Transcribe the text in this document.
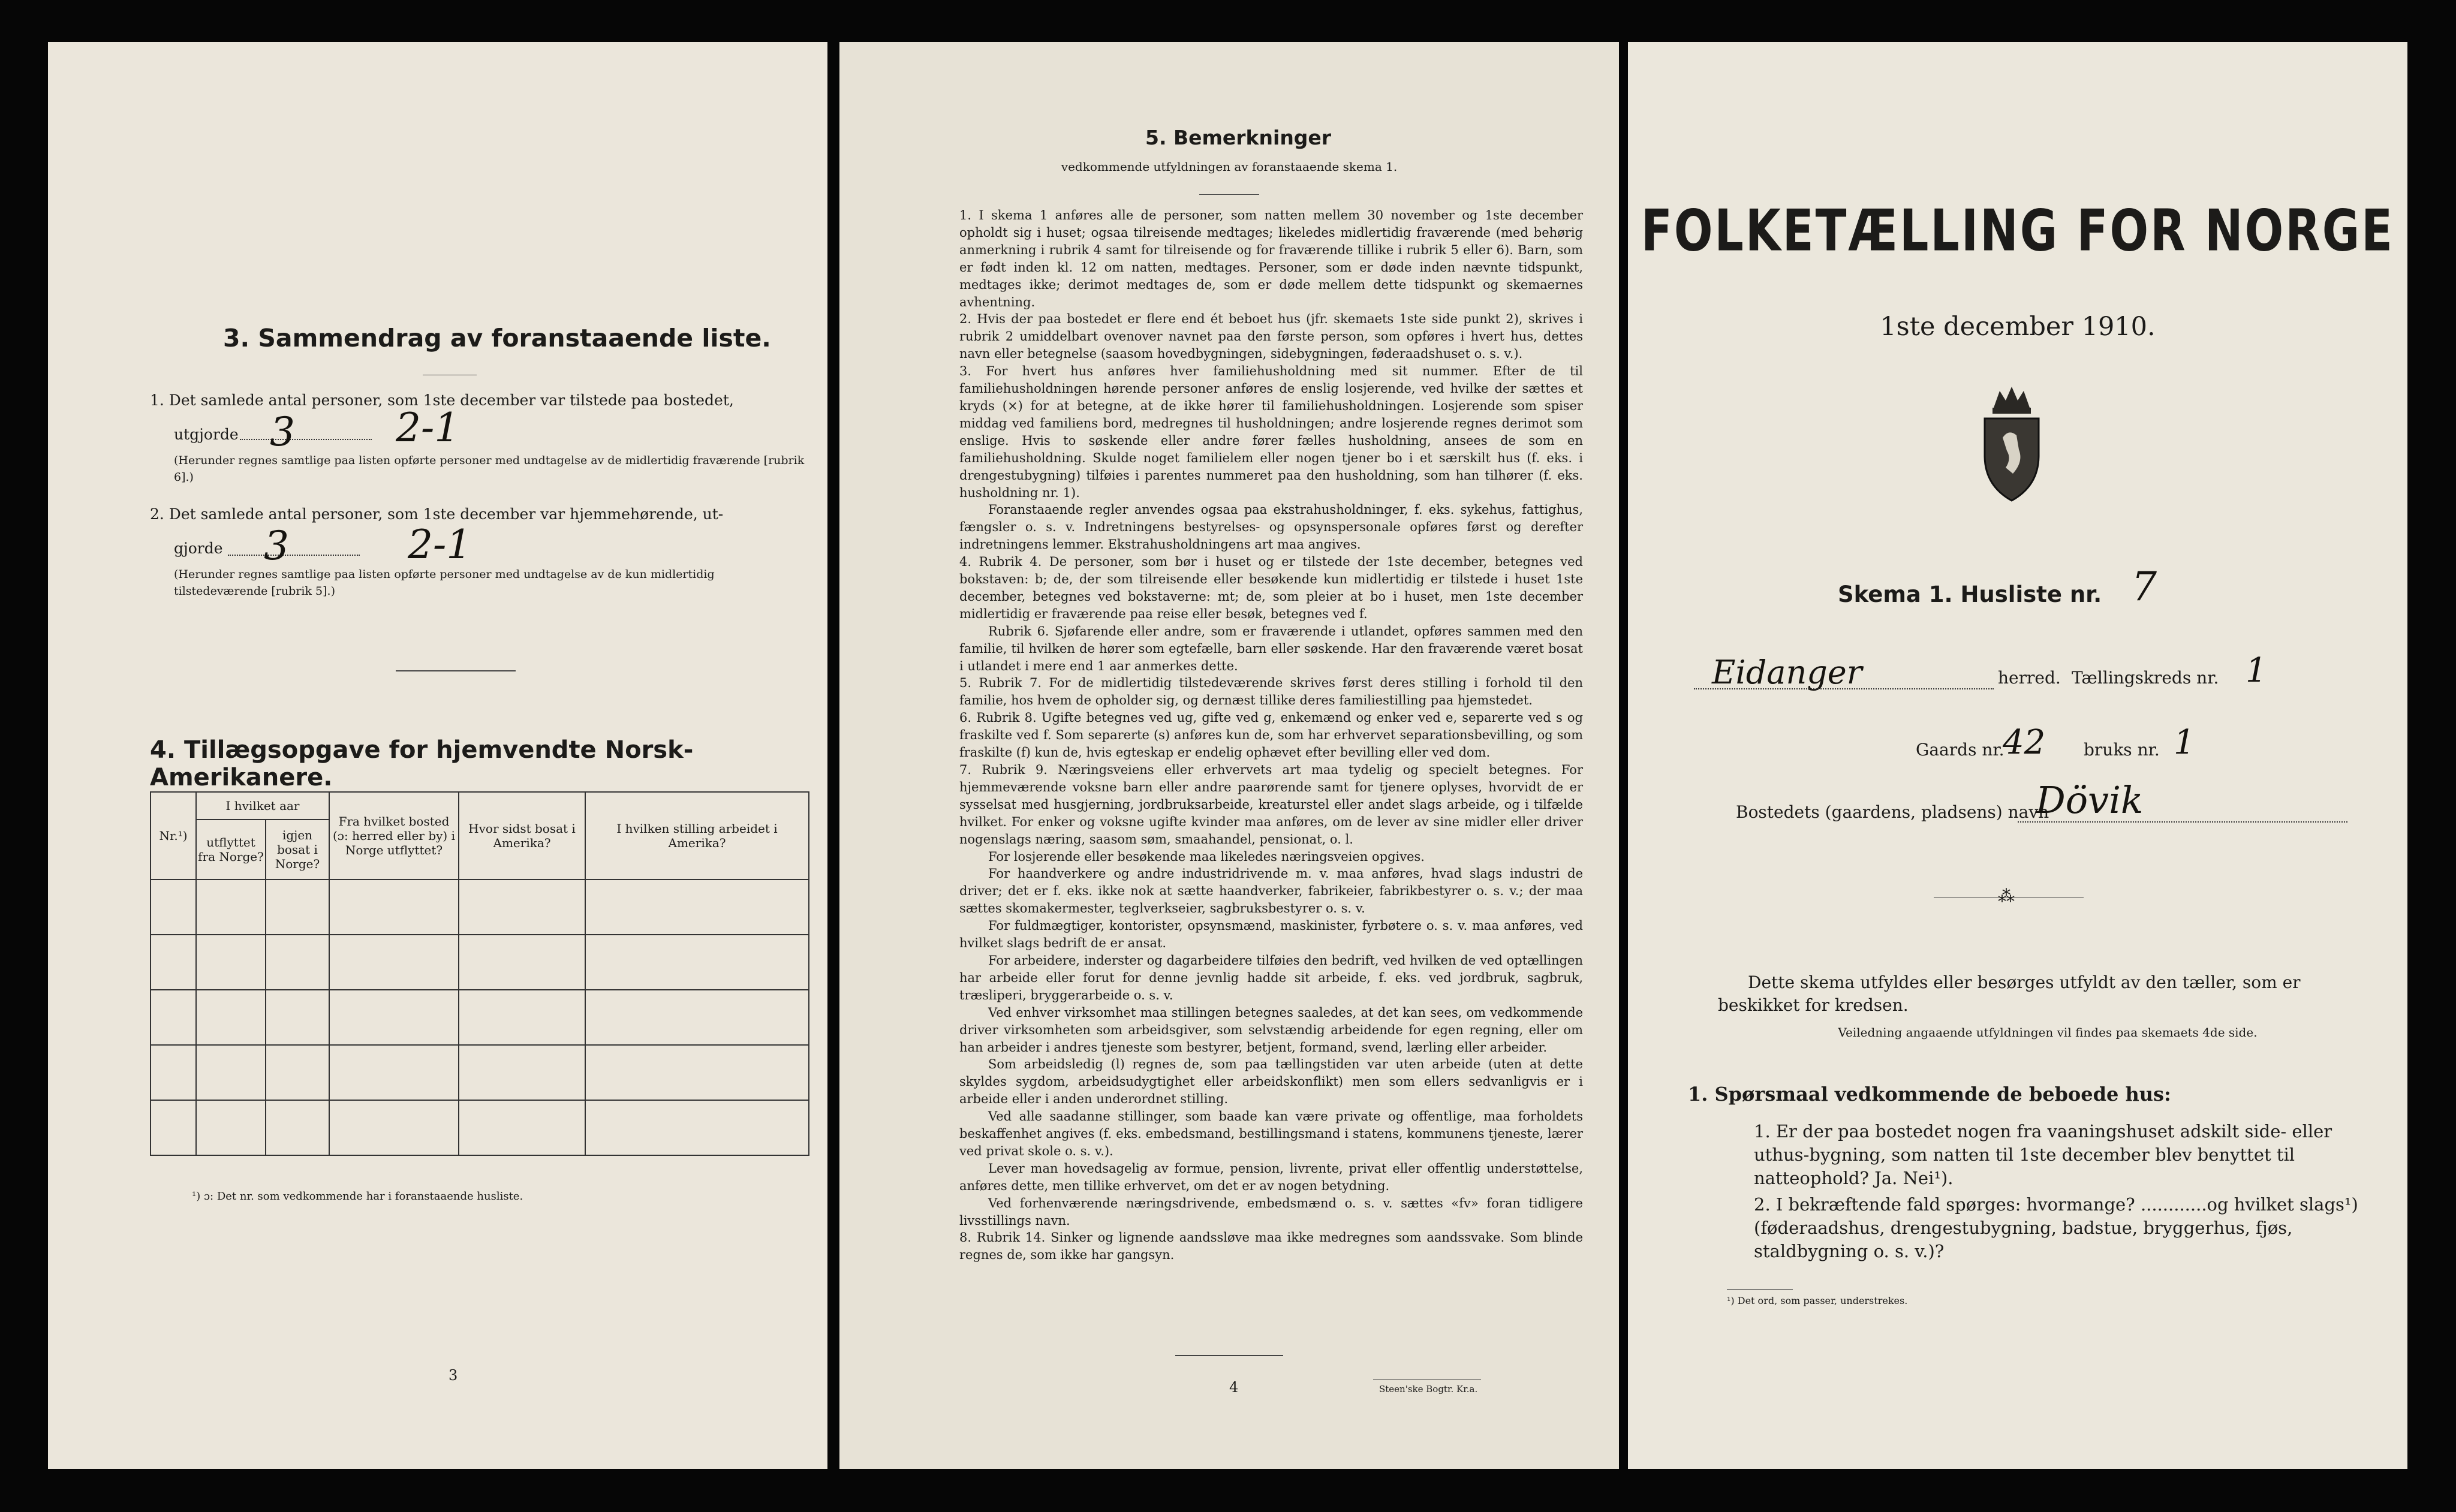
3. Sammendrag av foranstaaende liste.
1. Det samlede antal personer, som 1ste december var tilstede paa bostedet,
utgjorde 3	2-1
(Herunder regnes samtlige paa listen opførte personer med undtagelse av de midlertidig fraværende [rubrik 6].)
2. Det samlede antal personer, som 1ste december var hjemmehørende, ut-
gjorde 3	2-1
(Herunder regnes samtlige paa listen opførte personer med undtagelse av de kun midlertidig tilstedeværende [rubrik 5].)
4. Tillægsopgave for hjemvendte Norsk-Amerikanere.
Nr.¹)	I hvilket aar		Fra hvilket bosted (ɔ: herred eller by) i Norge utflyttet?	Hvor sidst bosat i Amerika?	I hvilken stilling arbeidet i Amerika?
	utflyttet fra Norge?	igjen bosat i Norge?			

¹) ɔ: Det nr. som vedkommende har i foranstaaende husliste.
3
5. Bemerkninger
vedkommende utfyldningen av foranstaaende skema 1.
1. I skema 1 anføres alle de personer, som natten mellem 30 november og 1ste december opholdt sig i huset; ogsaa tilreisende medtages; likeledes midlertidig fraværende (med behørig anmerkning i rubrik 4 samt for tilreisende og for fraværende tillike i rubrik 5 eller 6). Barn, som er født inden kl. 12 om natten, medtages. Personer, som er døde inden nævnte tidspunkt, medtages ikke; derimot medtages de, som er døde mellem dette tidspunkt og skemaernes avhentning.
2. Hvis der paa bostedet er flere end ét beboet hus (jfr. skemaets 1ste side punkt 2), skrives i rubrik 2 umiddelbart ovenover navnet paa den første person, som opføres i hvert hus, dettes navn eller betegnelse (saasom hovedbygningen, sidebygningen, føderaadshuset o. s. v.).
3. For hvert hus anføres hver familiehusholdning med sit nummer. Efter de til familiehusholdningen hørende personer anføres de enslig losjerende, ved hvilke der sættes et kryds (×) for at betegne, at de ikke hører til familiehusholdningen. Losjerende som spiser middag ved familiens bord, medregnes til husholdningen; andre losjerende regnes derimot som enslige. Hvis to søskende eller andre fører fælles husholdning, ansees de som en familiehusholdning. Skulde noget familielem eller nogen tjener bo i et særskilt hus (f. eks. i drengestubygning) tilføies i parentes nummeret paa den husholdning, som han tilhører (f. eks. husholdning nr. 1).
Foranstaaende regler anvendes ogsaa paa ekstrahusholdninger, f. eks. sykehus, fattighus, fængsler o. s. v. Indretningens bestyrelses- og opsynspersonale opføres først og derefter indretningens lemmer. Ekstrahusholdningens art maa angives.
4. Rubrik 4. De personer, som bør i huset og er tilstede der 1ste december, betegnes ved bokstaven: b; de, der som tilreisende eller besøkende kun midlertidig er tilstede i huset 1ste december, betegnes ved bokstaverne: mt; de, som pleier at bo i huset, men 1ste december midlertidig er fraværende paa reise eller besøk, betegnes ved f.
Rubrik 6. Sjøfarende eller andre, som er fraværende i utlandet, opføres sammen med den familie, til hvilken de hører som egtefælle, barn eller søskende. Har den fraværende været bosat i utlandet i mere end 1 aar anmerkes dette.
5. Rubrik 7. For de midlertidig tilstedeværende skrives først deres stilling i forhold til den familie, hos hvem de opholder sig, og dernæst tillike deres familiestilling paa hjemstedet.
6. Rubrik 8. Ugifte betegnes ved ug, gifte ved g, enkemænd og enker ved e, separerte ved s og fraskilte ved f. Som separerte (s) anføres kun de, som har erhvervet separationsbevilling, og som fraskilte (f) kun de, hvis egteskap er endelig ophævet efter bevilling eller ved dom.
7. Rubrik 9. Næringsveiens eller erhvervets art maa tydelig og specielt betegnes. For hjemmeværende voksne barn eller andre paarørende samt for tjenere oplyses, hvorvidt de er sysselsat med husgjerning, jordbruksarbeide, kreaturstel eller andet slags arbeide, og i tilfælde hvilket. For enker og voksne ugifte kvinder maa anføres, om de lever av sine midler eller driver nogenslags næring, saasom søm, smaahandel, pensionat, o. l.
For losjerende eller besøkende maa likeledes næringsveien opgives.
For haandverkere og andre industridrivende m. v. maa anføres, hvad slags industri de driver; det er f. eks. ikke nok at sætte haandverker, fabrikeier, fabrikbestyrer o. s. v.; der maa sættes skomakermester, teglverkseier, sagbruksbestyrer o. s. v.
For fuldmægtiger, kontorister, opsynsmænd, maskinister, fyrbøtere o. s. v. maa anføres, ved hvilket slags bedrift de er ansat.
For arbeidere, inderster og dagarbeidere tilføies den bedrift, ved hvilken de ved optællingen har arbeide eller forut for denne jevnlig hadde sit arbeide, f. eks. ved jordbruk, sagbruk, træsliperi, bryggerarbeide o. s. v.
Ved enhver virksomhet maa stillingen betegnes saaledes, at det kan sees, om vedkommende driver virksomheten som arbeidsgiver, som selvstændig arbeidende for egen regning, eller om han arbeider i andres tjeneste som bestyrer, betjent, formand, svend, lærling eller arbeider.
Som arbeidsledig (l) regnes de, som paa tællingstiden var uten arbeide (uten at dette skyldes sygdom, arbeidsudygtighet eller arbeidskonflikt) men som ellers sedvanligvis er i arbeide eller i anden underordnet stilling.
Ved alle saadanne stillinger, som baade kan være private og offentlige, maa forholdets beskaffenhet angives (f. eks. embedsmand, bestillingsmand i statens, kommunens tjeneste, lærer ved privat skole o. s. v.).
Lever man hovedsagelig av formue, pension, livrente, privat eller offentlig understøttelse, anføres dette, men tillike erhvervet, om det er av nogen betydning.
Ved forhenværende næringsdrivende, embedsmænd o. s. v. sættes «fv» foran tidligere livsstillings navn.
8. Rubrik 14. Sinker og lignende aandssløve maa ikke medregnes som aandssvake. Som blinde regnes de, som ikke har gangsyn.
4	Steen'ske Bogtr. Kr.a.
FOLKETÆLLING FOR NORGE
1ste december 1910.
Skema 1. Husliste nr. 7
Eidanger	herred. Tællingskreds nr. 1
Gaards nr.
42 bruks nr. 1
Bostedets (gaardens, pladsens) navn
Dövik
⁂
Dette skema utfyldes eller besørges utfyldt av den tæller, som er beskikket for kredsen.
Veiledning angaaende utfyldningen vil findes paa skemaets 4de side.
1. Spørsmaal vedkommende de beboede hus:
1. Er der paa bostedet nogen fra vaaningshuset adskilt side- eller uthus-bygning, som natten til 1ste december blev benyttet til natteophold? Ja. Nei¹).
2. I bekræftende fald spørges: hvormange? ............og hvilket slags¹) (føderaadshus, drengestubygning, badstue, bryggerhus, fjøs, staldbygning o. s. v.)?
¹) Det ord, som passer, understrekes.
